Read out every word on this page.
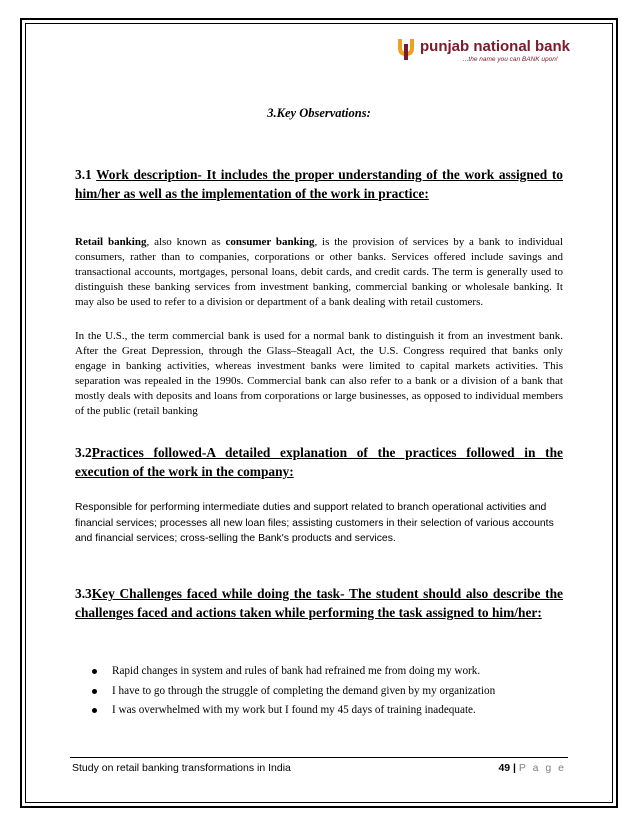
punjab national bank
...the name you can BANK upon!
3.Key Observations:
3.1 Work description- It includes the proper understanding of the work assigned to him/her as well as the implementation of the work in practice:

Retail banking, also known as consumer banking, is the provision of services by a bank to individual consumers, rather than to companies, corporations or other banks. Services offered include savings and transactional accounts, mortgages, personal loans, debit cards, and credit cards. The term is generally used to distinguish these banking services from investment banking, commercial banking or wholesale banking. It may also be used to refer to a division or department of a bank dealing with retail customers.

In the U.S., the term commercial bank is used for a normal bank to distinguish it from an investment bank. After the Great Depression, through the Glass–Steagall Act, the U.S. Congress required that banks only engage in banking activities, whereas investment banks were limited to capital markets activities. This separation was repealed in the 1990s. Commercial bank can also refer to a bank or a division of a bank that mostly deals with deposits and loans from corporations or large businesses, as opposed to individual members of the public (retail banking

3.2Practices followed-A detailed explanation of the practices followed in the execution of the work in the company:

Responsible for performing intermediate duties and support related to branch operational activities and financial services; processes all new loan files; assisting customers in their selection of various accounts and financial services; cross-selling the Bank's products and services.

3.3Key Challenges faced while doing the task- The student should also describe the challenges faced and actions taken while performing the task assigned to him/her:
Rapid changes in system and rules of bank had refrained me from doing my work.
I have to go through the struggle of completing the demand given by my organization
I was overwhelmed with my work but I found my 45 days of training inadequate.
Study on retail banking transformations in India	49 | P a g e
